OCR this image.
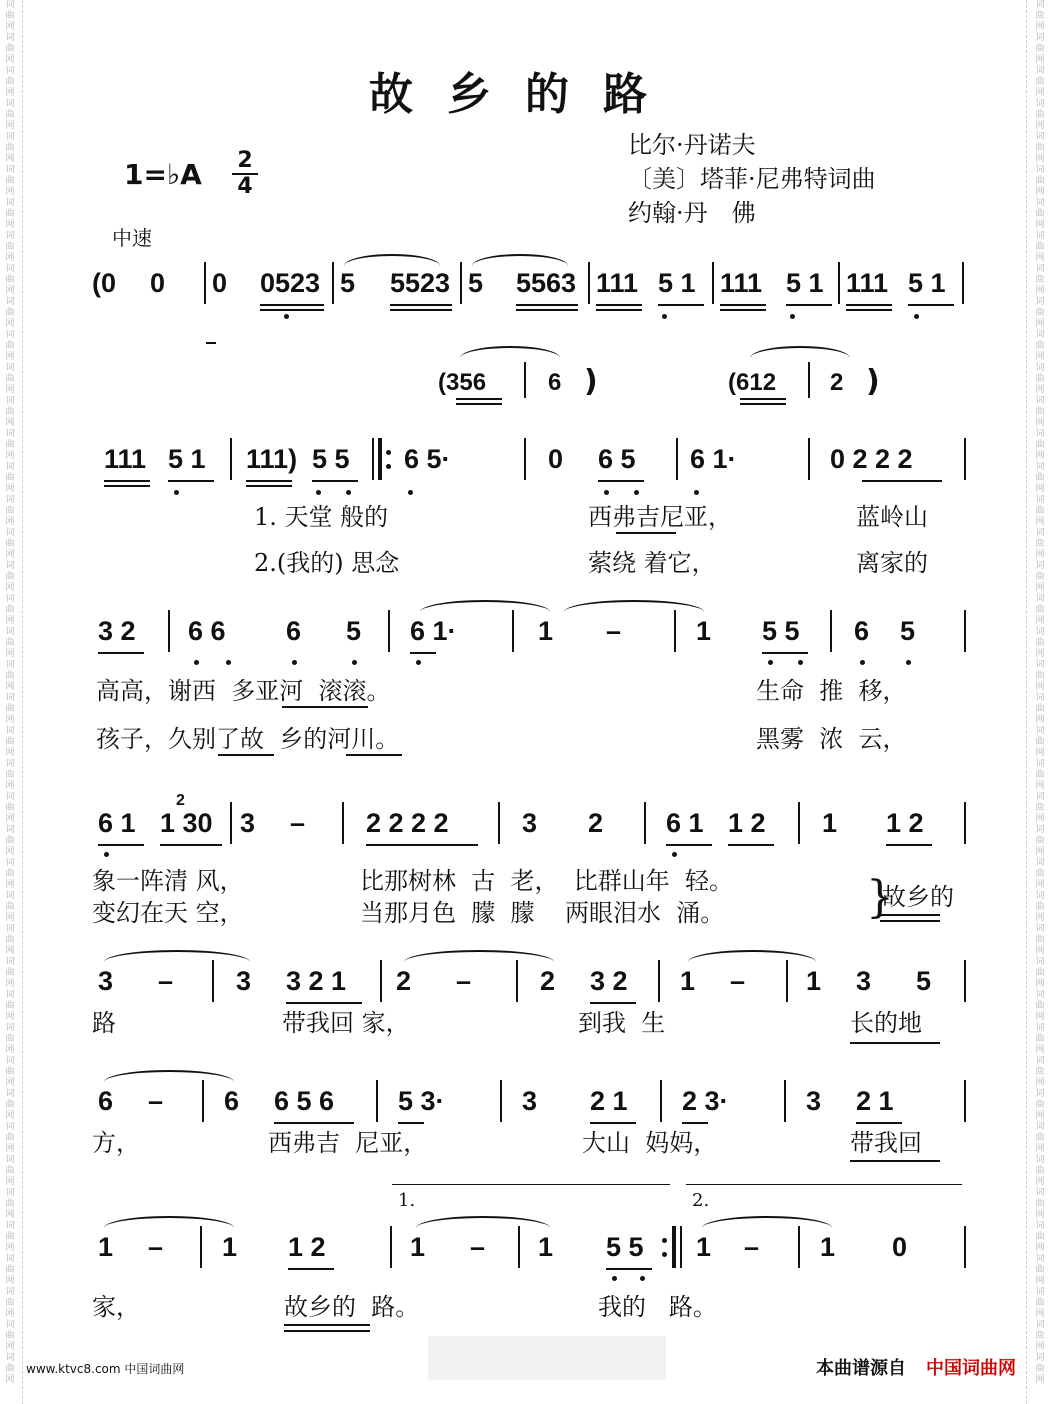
词
曲
网
词
曲
网
词
曲
网
词
曲
网
词
曲
网
词
曲
网
词
曲
网
词
曲
网
词
曲
网
词
曲
网
词
曲
网
词
曲
网
词
曲
网
词
曲
网
词
曲
网
词
曲
网
词
曲
网
词
曲
网
词
曲
网
词
曲
网
词
曲
网
词
曲
网
词
曲
网
词
曲
网
词
曲
网
词
曲
网
词
曲
网
词
曲
网
词
曲
网
词
曲
网
词
曲
网
词
曲
网
词
曲
网
词
曲
网
词
曲
网
词
曲
网
词
曲
网
词
曲
网
词
曲
网
词
曲
网
词
曲
网
词
曲
网
词
曲
网
词
曲
网
词
曲
网
词
曲
网
词
曲
网
词
曲
网
词
曲
网
词
曲
网
词
曲
网
词
曲
网
词
曲
网
词
曲
网
词
曲
网
词
曲
网
词
曲
网
词
曲
网
词
曲
网
词
曲
网
词
曲
网
词
曲
网
词
曲
网
词
曲
网
词
曲
网
词
曲
网
词
曲
网
词
曲
网
词
曲
网
词
曲
网
词
曲
网
词
曲
网
词
曲
网
词
曲
网
词
曲
网
词
曲
网
词
曲
网
词
曲
网
词
曲
网
词
曲
网
词
曲
网
词
曲
网
词
曲
网
词
曲
网
故乡的路
1=♭A 2
4
中速
比尔·丹诺夫
〔美〕塔菲·尼弗特词曲
约翰·丹　佛
(0 0 0 0523 5 5523 5 5563 111 5 1 111 5 1 111 5 1
(356	6 )	(612 2 )
111 5 1 111) 5 5 6 5·	0 6 5 6 1·	0 2 2 2
1. 天堂 般的	西弗吉尼亚，	蓝岭山
2.(我的) 思念	萦绕 着它，	离家的
3 2 6 6 6 5 6 1·	1 –	1 5 5 6 5
高高，谢西  多亚河  滚滚。	生命  推  移，
孩子，久别了故  乡的河川。	黑雾  浓  云，
6 1 1 30
2
3 – 2 2 2 2	3 2 6 1 1 2 1 1 2
象一阵清 风，	比那树林  古  老，  比群山年  轻。
变幻在天 空，	当那月色  朦  朦    两眼泪水  涌。	}
故乡的
3 – 3 3 2 1 2 –	2 3 2 1 – 1 3 5
路	带我回 家，	到我  生	长的地
6 – 6 6 5 6 5 3·	3 2 1 2 3·	3 2 1
方，	西弗吉  尼亚，	大山  妈妈，	带我回
1.	2.
1 – 1 1 2	1 – 1 5 5 1 – 1 0
家，	故乡的  路。	我的   路。
www.ktvc8.com 中国词曲网	本曲谱源自 中国词曲网
